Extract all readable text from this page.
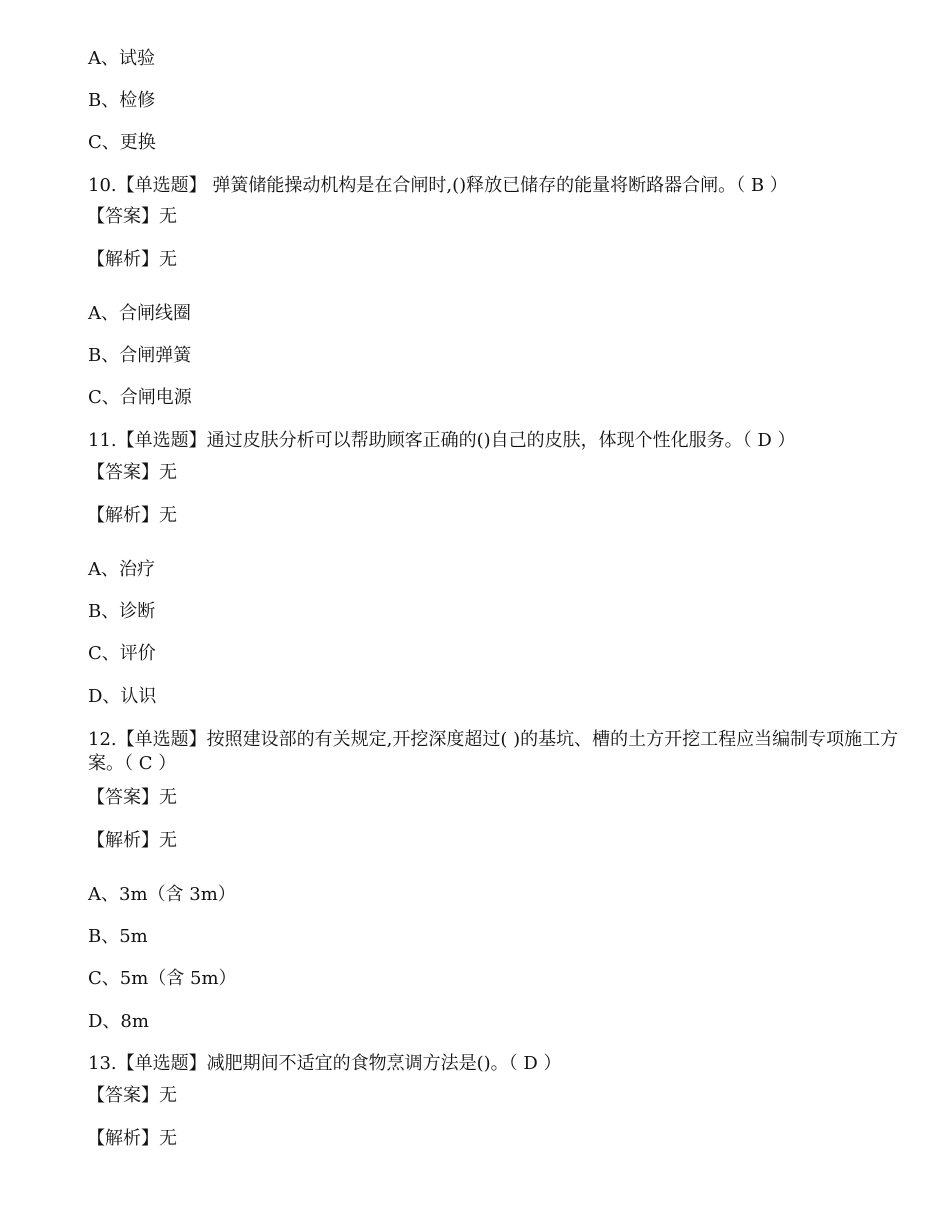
A、试验
B、检修
C、更换
10.【单选题】 弹簧储能操动机构是在合闸时,()释放已储存的能量将断路器合闸。（ B ）
【答案】无
【解析】无
A、合闸线圈
B、合闸弹簧
C、合闸电源
11.【单选题】通过皮肤分析可以帮助顾客正确的()自己的皮肤，体现个性化服务。（ D ）
【答案】无
【解析】无
A、治疗
B、诊断
C、评价
D、认识
12.【单选题】按照建设部的有关规定,开挖深度超过( )的基坑、槽的土方开挖工程应当编制专项施工方案。（ C ）
【答案】无
【解析】无
A、3m（含 3m）
B、5m
C、5m（含 5m）
D、8m
13.【单选题】减肥期间不适宜的食物烹调方法是()。（ D ）
【答案】无
【解析】无
